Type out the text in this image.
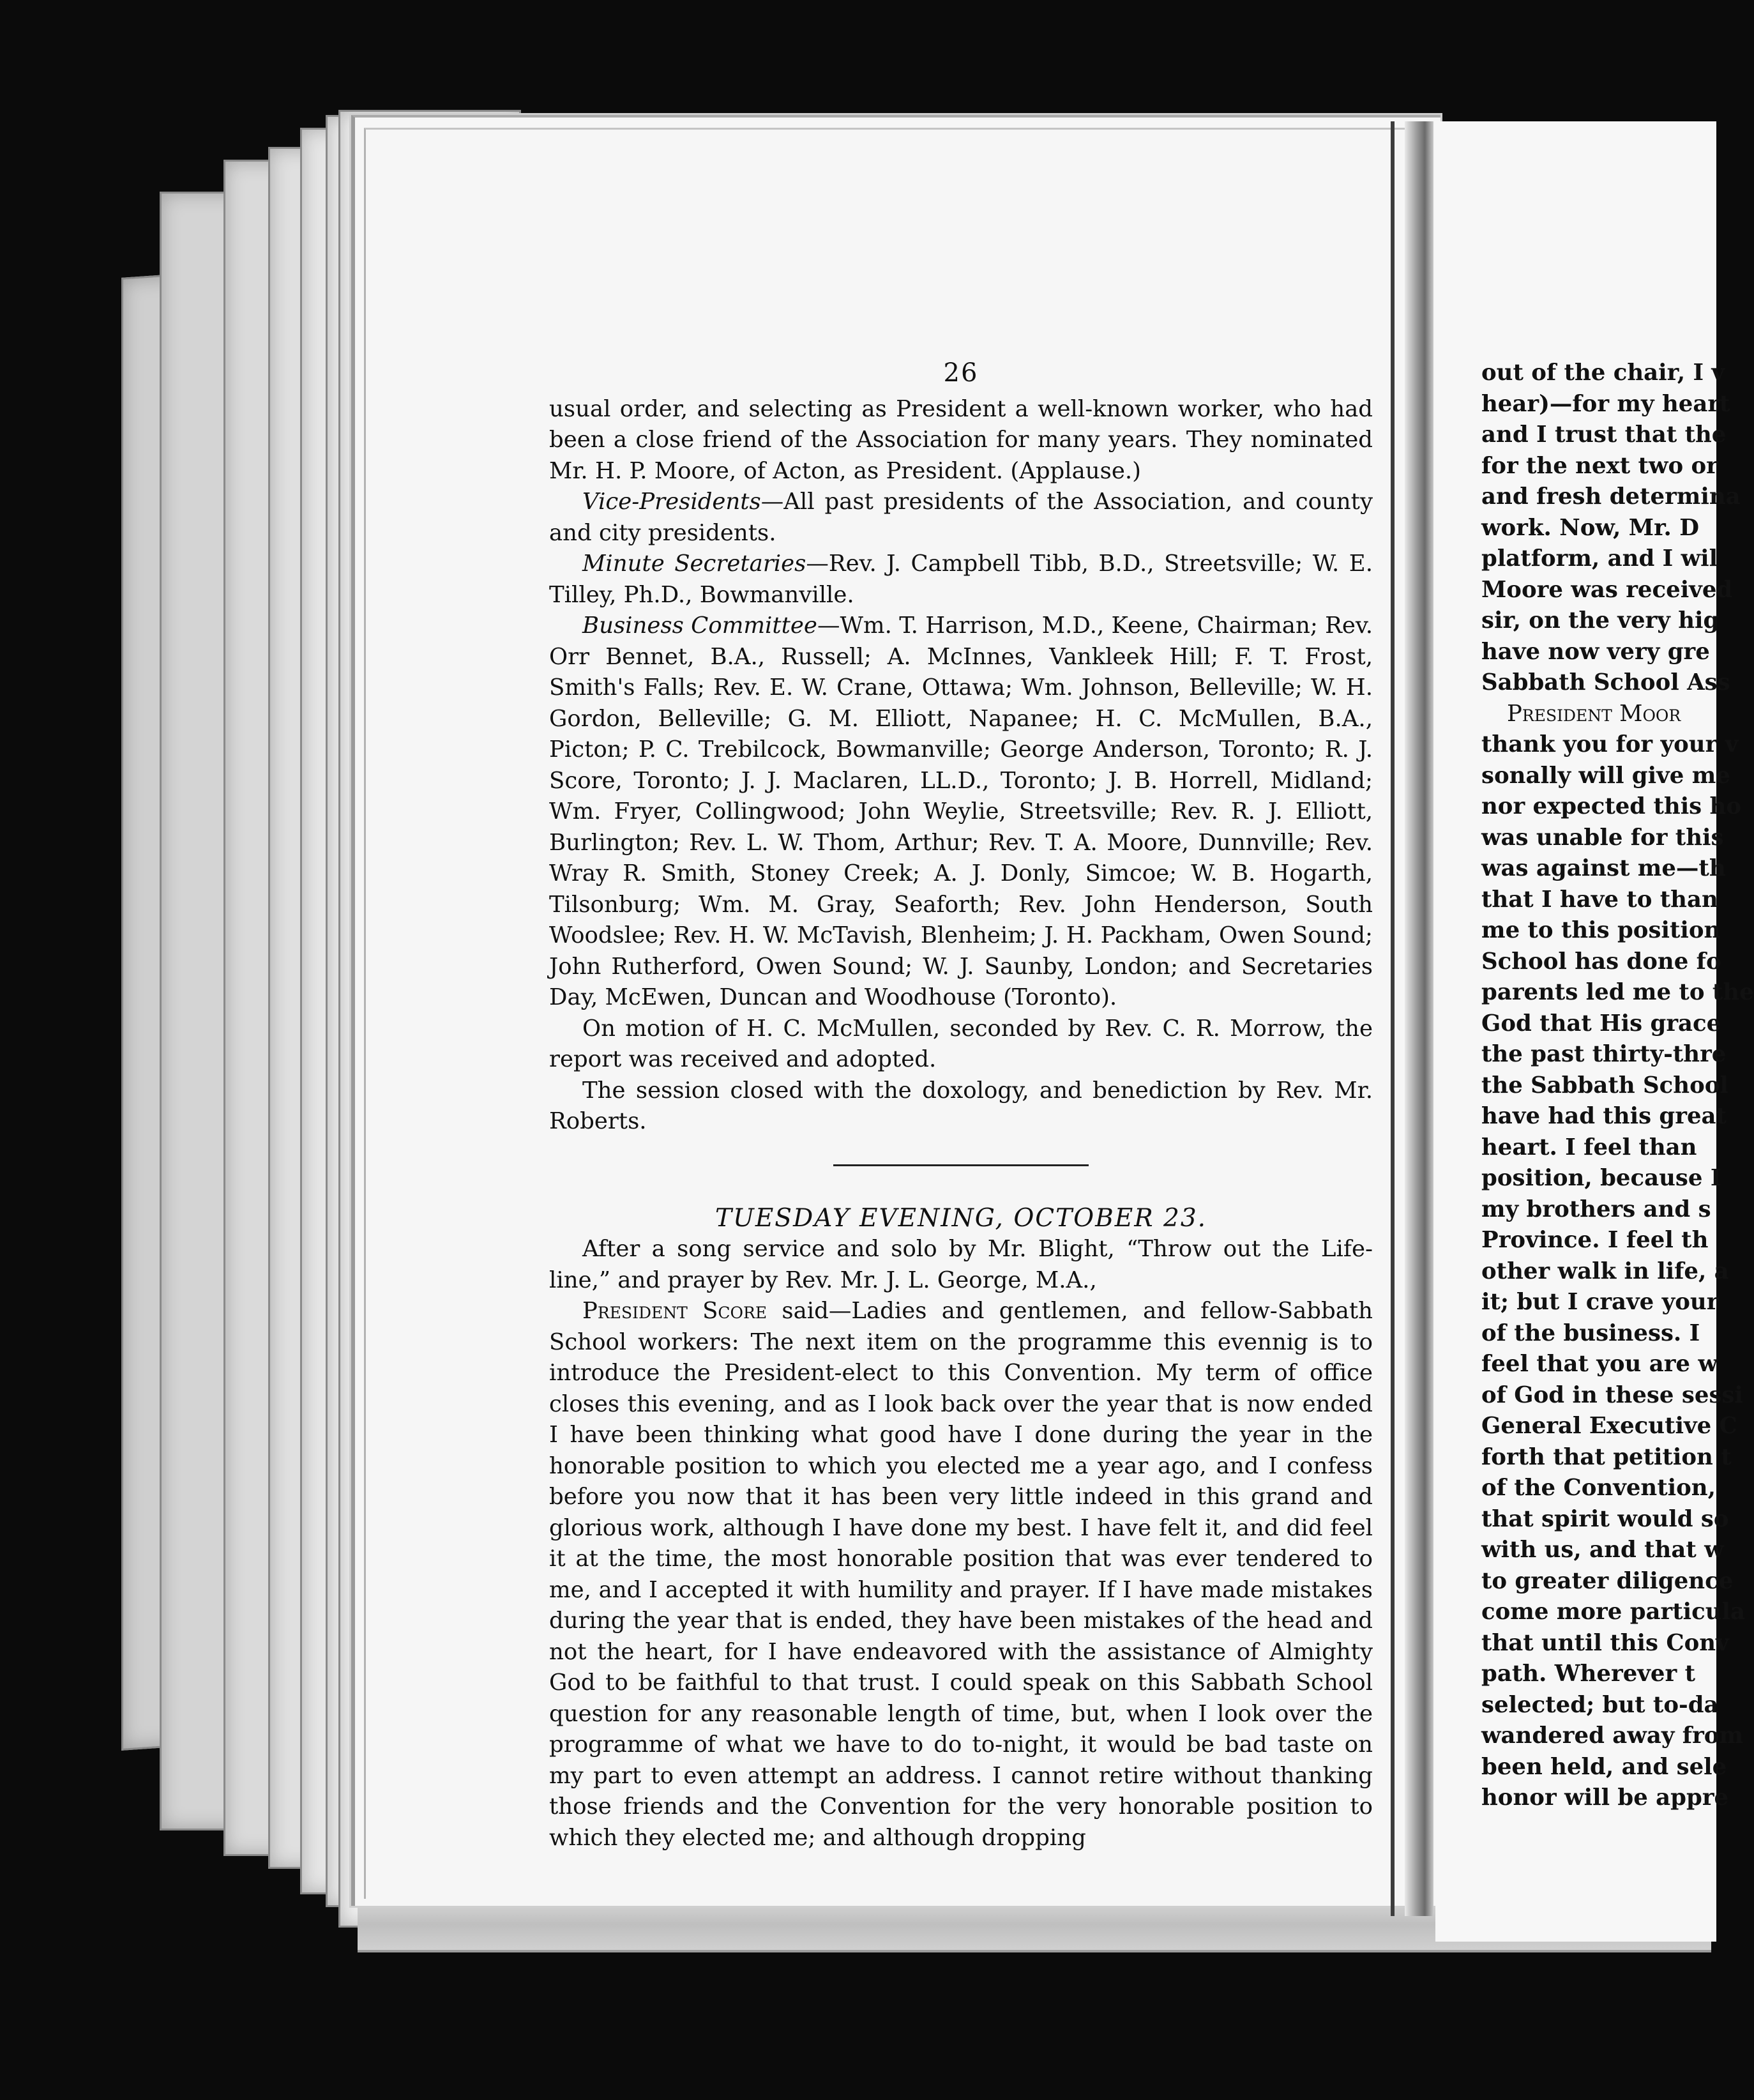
26

usual order, and selecting as President a well-known worker, who had been a close friend of the Association for many years. They nominated Mr. H. P. Moore, of Acton, as President. (Applause.)

Vice-Presidents—All past presidents of the Association, and county and city presidents.

Minute Secretaries—Rev. J. Campbell Tibb, B.D., Streetsville; W. E. Tilley, Ph.D., Bowmanville.

Business Committee—Wm. T. Harrison, M.D., Keene, Chairman; Rev. Orr Bennet, B.A., Russell; A. McInnes, Vankleek Hill; F. T. Frost, Smith's Falls; Rev. E. W. Crane, Ottawa; Wm. Johnson, Belleville; W. H. Gordon, Belleville; G. M. Elliott, Napanee; H. C. McMullen, B.A., Picton; P. C. Trebilcock, Bowmanville; George Anderson, Toronto; R. J. Score, Toronto; J. J. Maclaren, LL.D., Toronto; J. B. Horrell, Midland; Wm. Fryer, Collingwood; John Weylie, Streetsville; Rev. R. J. Elliott, Burlington; Rev. L. W. Thom, Arthur; Rev. T. A. Moore, Dunnville; Rev. Wray R. Smith, Stoney Creek; A. J. Donly, Simcoe; W. B. Hogarth, Tilsonburg; Wm. M. Gray, Seaforth; Rev. John Henderson, South Woodslee; Rev. H. W. McTavish, Blenheim; J. H. Packham, Owen Sound; John Rutherford, Owen Sound; W. J. Saunby, London; and Secretaries Day, McEwen, Duncan and Woodhouse (Toronto).

On motion of H. C. McMullen, seconded by Rev. C. R. Morrow, the report was received and adopted.

The session closed with the doxology, and benediction by Rev. Mr. Roberts.

TUESDAY EVENING, OCTOBER 23.

After a song service and solo by Mr. Blight, “Throw out the Life-line,” and prayer by Rev. Mr. J. L. George, M.A.,

President Score said—Ladies and gentlemen, and fellow-Sabbath School workers: The next item on the programme this evennig is to introduce the President-elect to this Convention. My term of office closes this evening, and as I look back over the year that is now ended I have been thinking what good have I done during the year in the honorable position to which you elected me a year ago, and I confess before you now that it has been very little indeed in this grand and glorious work, although I have done my best. I have felt it, and did feel it at the time, the most honorable position that was ever tendered to me, and I accepted it with humility and prayer. If I have made mistakes during the year that is ended, they have been mistakes of the head and not the heart, for I have endeavored with the assistance of Almighty God to be faithful to that trust. I could speak on this Sabbath School question for any reasonable length of time, but, when I look over the programme of what we have to do to-night, it would be bad taste on my part to even attempt an address. I cannot retire without thanking those friends and the Convention for the very honorable position to which they elected me; and although dropping

out of the chair, I v
hear)—for my heart
and I trust that the
for the next two or
and fresh determina
work. Now, Mr. D
platform, and I wil
Moore was received
sir, on the very hig
have now very gre
Sabbath School Ass
President Moor
thank you for your v
sonally will give me
nor expected this ho
was unable for this
was against me—th
that I have to than
me to this position
School has done fo
parents led me to the
God that His grace
the past thirty-thre
the Sabbath School
have had this great
heart. I feel than
position, because I
my brothers and s
Province. I feel th
other walk in life, a
it; but I crave your
of the business. I
feel that you are w
of God in these sessi
General Executive C
forth that petition t
of the Convention,
that spirit would so
with us, and that w
to greater diligence
come more particula
that until this Conv
path. Wherever t
selected; but to-da
wandered away from
been held, and sele
honor will be appre
